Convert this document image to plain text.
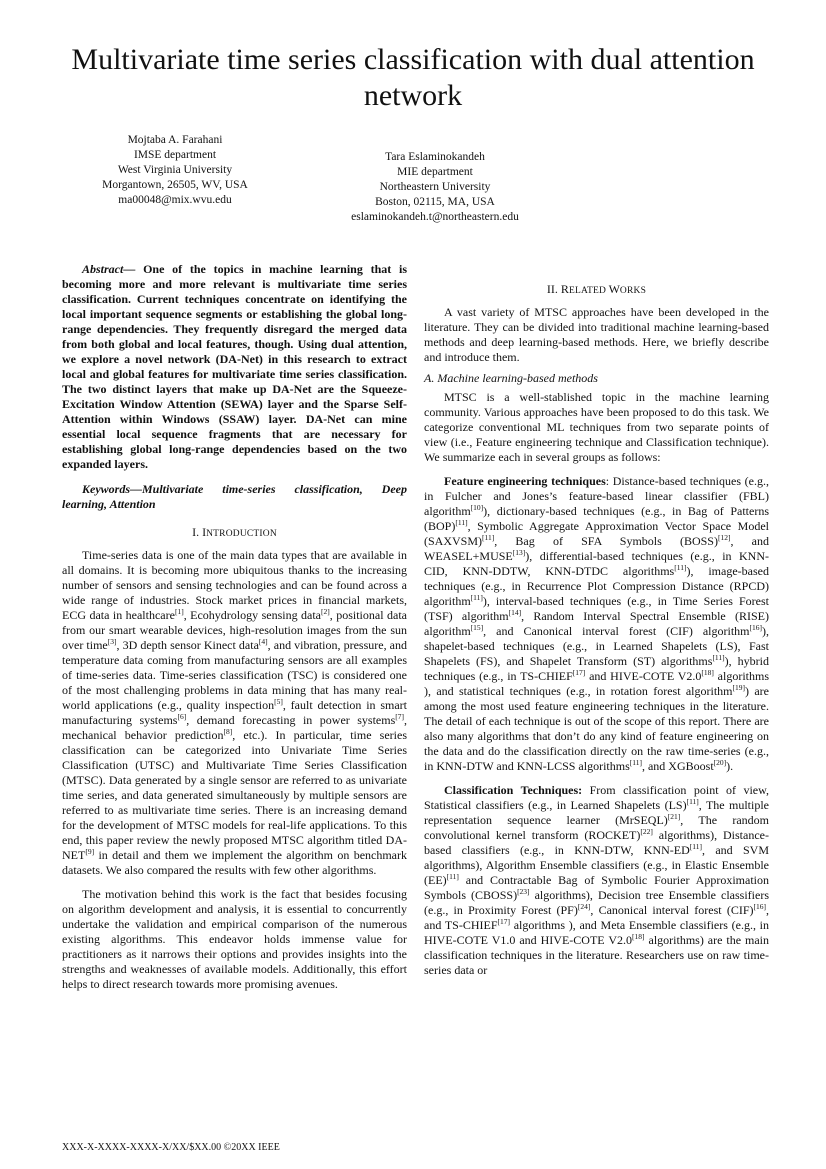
Multivariate time series classification with dual attention network
Mojtaba A. Farahani
IMSE department
West Virginia University
Morgantown, 26505, WV, USA
ma00048@mix.wvu.edu
Tara Eslaminokandeh
MIE department
Northeastern University
Boston, 02115, MA, USA
eslaminokandeh.t@northeastern.edu

Abstract— One of the topics in machine learning that is becoming more and more relevant is multivariate time series classification. Current techniques concentrate on identifying the local important sequence segments or establishing the global long-range dependencies. They frequently disregard the merged data from both global and local features, though. Using dual attention, we explore a novel network (DA-Net) in this research to extract local and global features for multivariate time series classification. The two distinct layers that make up DA-Net are the Squeeze-Excitation Window Attention (SEWA) layer and the Sparse Self-Attention within Windows (SSAW) layer. DA-Net can mine essential local sequence fragments that are necessary for establishing global long-range dependencies based on the two expanded layers.

Keywords—Multivariate time-series classification, Deep learning, Attention

I. INTRODUCTION

Time-series data is one of the main data types that are available in all domains. It is becoming more ubiquitous thanks to the increasing number of sensors and sensing technologies and can be found across a wide range of industries. Stock market prices in financial markets, ECG data in healthcare[1], Ecohydrology sensing data[2], positional data from our smart wearable devices, high-resolution images from the sun over time[3], 3D depth sensor Kinect data[4], and vibration, pressure, and temperature data coming from manufacturing sensors are all examples of time-series data. Time-series classification (TSC) is considered one of the most challenging problems in data mining that has many real-world applications (e.g., quality inspection[5], fault detection in smart manufacturing systems[6], demand forecasting in power systems[7], mechanical behavior prediction[8], etc.). In particular, time series classification can be categorized into Univariate Time Series Classification (UTSC) and Multivariate Time Series Classification (MTSC). Data generated by a single sensor are referred to as univariate time series, and data generated simultaneously by multiple sensors are referred to as multivariate time series. There is an increasing demand for the development of MTSC models for real-life applications. To this end, this paper review the newly proposed MTSC algorithm titled DA-NET[9] in detail and them we implement the algorithm on benchmark datasets. We also compared the results with few other algorithms.

The motivation behind this work is the fact that besides focusing on algorithm development and analysis, it is essential to concurrently undertake the validation and empirical comparison of the numerous existing algorithms. This endeavor holds immense value for practitioners as it narrows their options and provides insights into the strengths and weaknesses of available models. Additionally, this effort helps to direct research towards more promising avenues.

II. RELATED WORKS

A vast variety of MTSC approaches have been developed in the literature. They can be divided into traditional machine learning-based methods and deep learning-based methods. Here, we briefly describe and introduce them.

A. Machine learning-based methods

MTSC is a well-stablished topic in the machine learning community. Various approaches have been proposed to do this task. We categorize conventional ML techniques from two separate points of view (i.e., Feature engineering technique and Classification technique). We summarize each in several groups as follows:

Feature engineering techniques: Distance-based techniques (e.g., in Fulcher and Jones’s feature-based linear classifier (FBL) algorithm[10]), dictionary-based techniques (e.g., in Bag of Patterns (BOP)[11], Symbolic Aggregate Approximation Vector Space Model (SAXVSM)[11], Bag of SFA Symbols (BOSS)[12], and WEASEL+MUSE[13]), differential-based techniques (e.g., in KNN-CID, KNN-DDTW, KNN-DTDC algorithms[11]), image-based techniques (e.g., in Recurrence Plot Compression Distance (RPCD) algorithm[11]), interval-based techniques (e.g., in Time Series Forest (TSF) algorithm[14], Random Interval Spectral Ensemble (RISE) algorithm[15], and Canonical interval forest (CIF) algorithm[16]), shapelet-based techniques (e.g., in Learned Shapelets (LS), Fast Shapelets (FS), and Shapelet Transform (ST) algorithms[11]), hybrid techniques (e.g., in TS-CHIEF[17] and HIVE-COTE V2.0[18] algorithms ), and statistical techniques (e.g., in rotation forest algorithm[19]) are among the most used feature engineering techniques in the literature. The detail of each technique is out of the scope of this report. There are also many algorithms that don’t do any kind of feature engineering on the data and do the classification directly on the raw time-series (e.g., in KNN-DTW and KNN-LCSS algorithms[11], and XGBoost[20]).

Classification Techniques: From classification point of view, Statistical classifiers (e.g., in Learned Shapelets (LS)[11], The multiple representation sequence learner (MrSEQL)[21], The random convolutional kernel transform (ROCKET)[22] algorithms), Distance-based classifiers (e.g., in KNN-DTW, KNN-ED[11], and SVM algorithms), Algorithm Ensemble classifiers (e.g., in Elastic Ensemble (EE)[11] and Contractable Bag of Symbolic Fourier Approximation Symbols (CBOSS)[23] algorithms), Decision tree Ensemble classifiers (e.g., in Proximity Forest (PF)[24], Canonical interval forest (CIF)[16], and TS-CHIEF[17] algorithms ), and Meta Ensemble classifiers (e.g., in HIVE-COTE V1.0 and HIVE-COTE V2.0[18] algorithms) are the main classification techniques in the literature. Researchers use on raw time-series data or

XXX-X-XXXX-XXXX-X/XX/$XX.00 ©20XX IEEE
